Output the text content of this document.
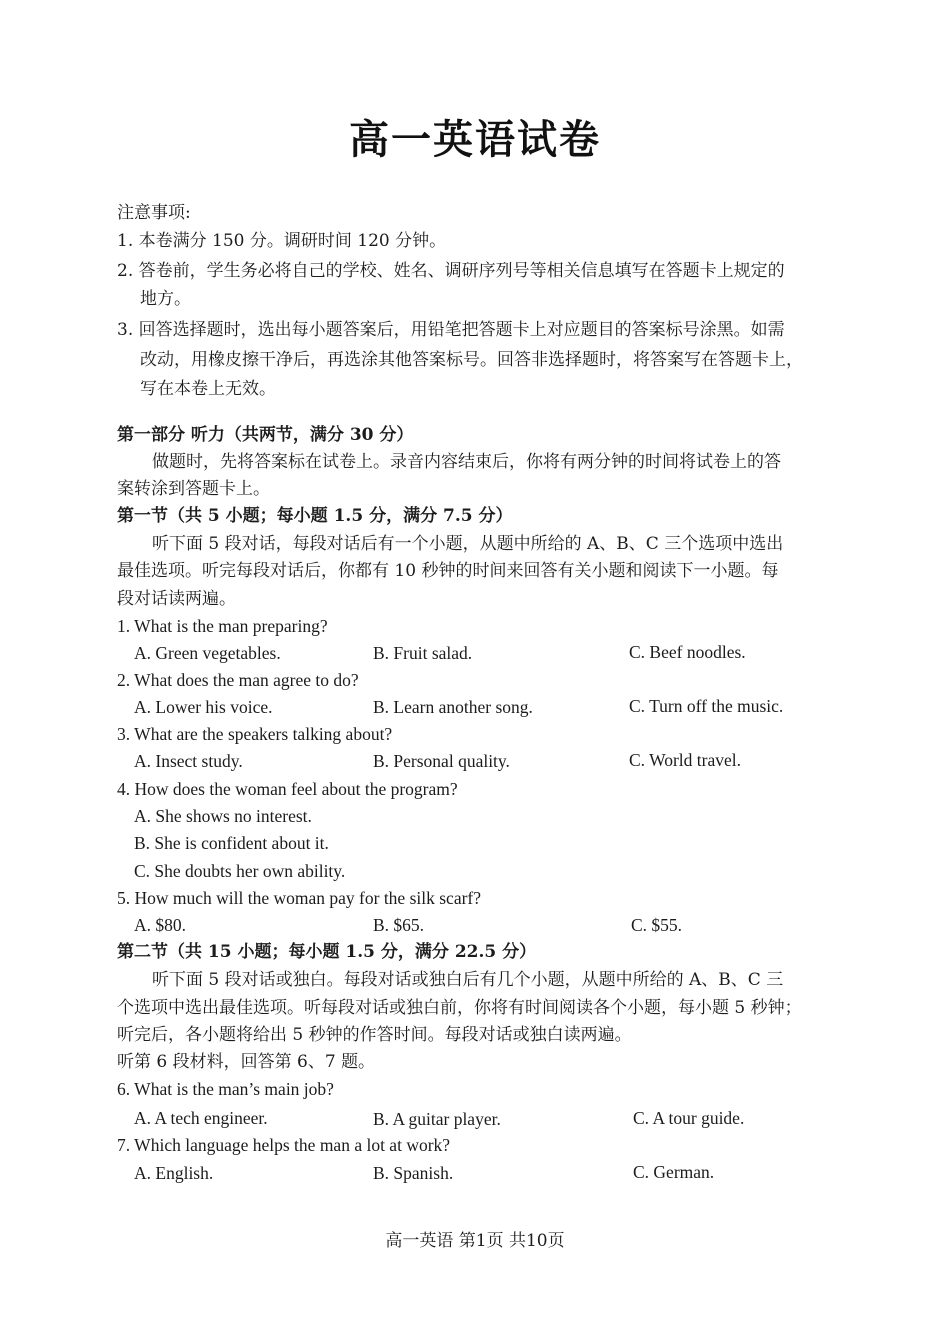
高一英语试卷
注意事项:
1. 本卷满分 150 分。调研时间 120 分钟。
2. 答卷前，学生务必将自己的学校、姓名、调研序列号等相关信息填写在答题卡上规定的
地方。
3. 回答选择题时，选出每小题答案后，用铅笔把答题卡上对应题目的答案标号涂黑。如需
改动，用橡皮擦干净后，再选涂其他答案标号。回答非选择题时，将答案写在答题卡上，
写在本卷上无效。
第一部分 听力（共两节，满分 30 分）
做题时，先将答案标在试卷上。录音内容结束后，你将有两分钟的时间将试卷上的答
案转涂到答题卡上。
第一节（共 5 小题；每小题 1.5 分，满分 7.5 分）
听下面 5 段对话，每段对话后有一个小题，从题中所给的 A、B、C 三个选项中选出
最佳选项。听完每段对话后，你都有 10 秒钟的时间来回答有关小题和阅读下一小题。每
段对话读两遍。
1. What is the man preparing?
A. Green vegetables.	B. Fruit salad.	C. Beef noodles.
2. What does the man agree to do?
A. Lower his voice.	B. Learn another song.	C. Turn off the music.
3. What are the speakers talking about?
A. Insect study.	B. Personal quality.	C. World travel.
4. How does the woman feel about the program?
A. She shows no interest.
B. She is confident about it.
C. She doubts her own ability.
5. How much will the woman pay for the silk scarf?
A. $80.	B. $65.	C. $55.
第二节（共 15 小题；每小题 1.5 分，满分 22.5 分）
听下面 5 段对话或独白。每段对话或独白后有几个小题，从题中所给的 A、B、C 三
个选项中选出最佳选项。听每段对话或独白前，你将有时间阅读各个小题，每小题 5 秒钟；
听完后，各小题将给出 5 秒钟的作答时间。每段对话或独白读两遍。
听第 6 段材料，回答第 6、7 题。
6. What is the man’s main job?
A. A tech engineer.	B. A guitar player.	C. A tour guide.
7. Which language helps the man a lot at work?
A. English.	B. Spanish.	C. German.
高一英语 第1页 共10页
